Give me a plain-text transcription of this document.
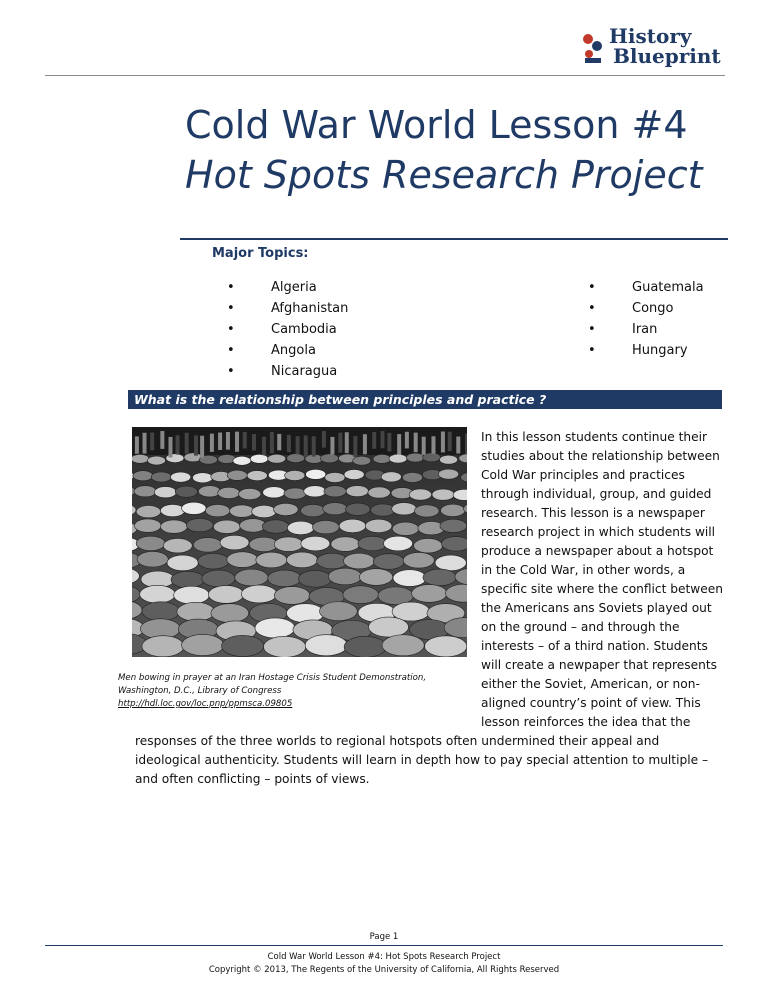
History
Blueprint
Cold War World Lesson #4
Hot Spots Research Project
Major Topics:
•	Algeria
•	Afghanistan
•	Cambodia
•	Angola
•	Nicaragua
•	Guatemala
•	Congo
•	Iran
•	Hungary
What is the relationship between principles and practice ?
Men bowing in prayer at an Iran Hostage Crisis Student Demonstration,
Washington, D.C., Library of Congress
http://hdl.loc.gov/loc.pnp/ppmsca.09805
In this lesson students continue their
studies about the relationship between
Cold War principles and practices
through individual, group, and guided
research. This lesson is a newspaper
research project in which students will
produce a newspaper about a hotspot
in the Cold War, in other words, a
specific site where the conflict between
the Americans ans Soviets played out
on the ground – and through the
interests – of a third nation. Students
will create a newpaper that represents
either the Soviet, American, or non-
aligned country’s point of view. This
lesson reinforces the idea that the
responses of the three worlds to regional hotspots often undermined their appeal and
ideological authenticity. Students will learn in depth how to pay special attention to multiple –
and often conflicting – points of views.
Page 1
Cold War World Lesson #4: Hot Spots Research Project
Copyright © 2013, The Regents of the University of California, All Rights Reserved
